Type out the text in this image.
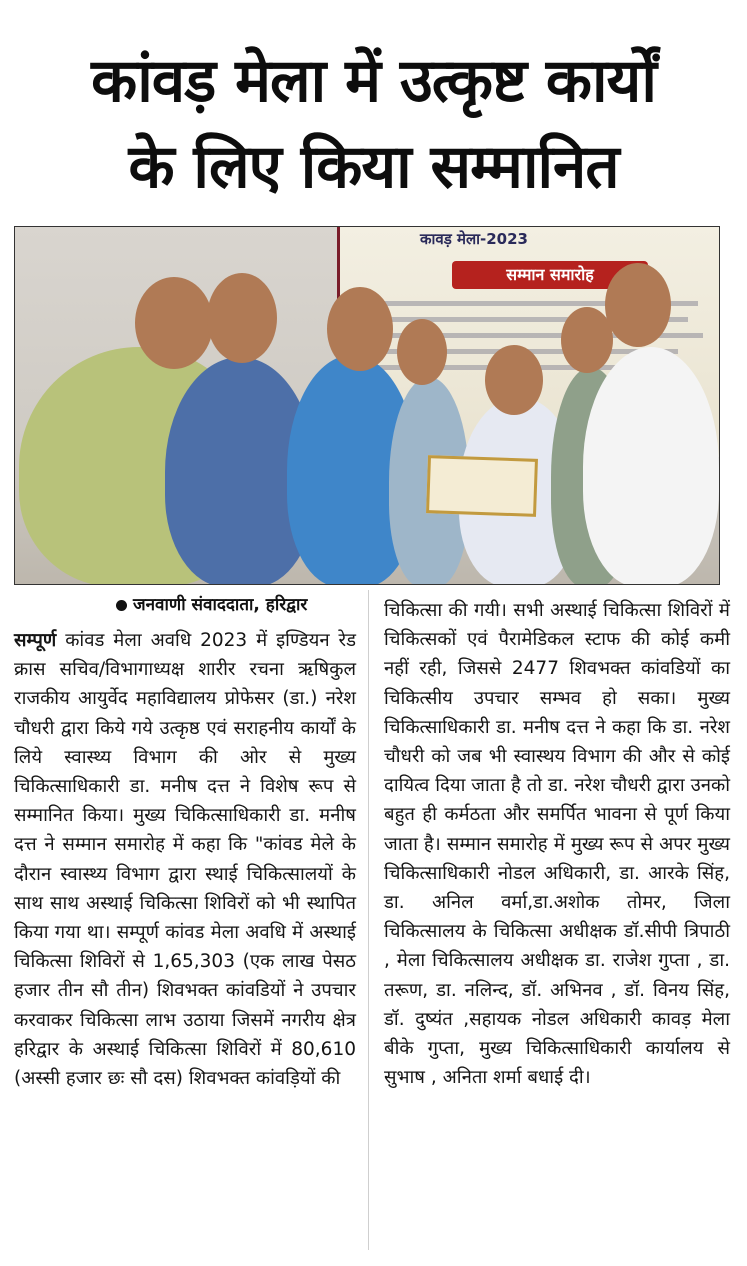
कांवड़ मेला में उत्कृष्ट कार्यों
के लिए किया सम्मानित
कावड़ मेला-2023
सम्मान समारोह
जनवाणी संवाददाता, हरिद्वार
सम्पूर्ण कांवड मेला अवधि 2023 में इण्डियन रेड क्रास सचिव/विभागाध्यक्ष शारीर रचना ऋषिकुल राजकीय आयुर्वेद महाविद्यालय प्रोफेसर (डा.) नरेश चौधरी द्वारा किये गये उत्कृष्ठ एवं सराहनीय कार्यों के लिये स्वास्थ्य विभाग की ओर से मुख्य चिकित्साधिकारी डा. मनीष दत्त ने विशेष रूप से सम्मानित किया। मुख्य चिकित्साधिकारी डा. मनीष दत्त ने सम्मान समारोह में कहा कि "कांवड मेले के दौरान स्वास्थ्य विभाग द्वारा स्थाई चिकित्सालयों के साथ साथ अस्थाई चिकित्सा शिविरों को भी स्थापित किया गया था। सम्पूर्ण कांवड मेला अवधि में अस्थाई चिकित्सा शिविरों से 1,65,303 (एक लाख पेसठ हजार तीन सौ तीन) शिवभक्त कांवडियों ने उपचार करवाकर चिकित्सा लाभ उठाया जिसमें नगरीय क्षेत्र हरिद्वार के अस्थाई चिकित्सा शिविरों में 80,610 (अस्सी हजार छः सौ दस) शिवभक्त कांवड़ियों की
चिकित्सा की गयी। सभी अस्थाई चिकित्सा शिविरों में चिकित्सकों एवं पैरामेडिकल स्टाफ की कोई कमी नहीं रही, जिससे 2477 शिवभक्त कांवडियों का चिकित्सीय उपचार सम्भव हो सका। मुख्य चिकित्साधिकारी डा. मनीष दत्त ने कहा कि डा. नरेश चौधरी को जब भी स्वास्थय विभाग की और से कोई दायित्व दिया जाता है तो डा. नरेश चौधरी द्वारा उनको बहुत ही कर्मठता और समर्पित भावना से पूर्ण किया जाता है। सम्मान समारोह में मुख्य रूप से अपर मुख्य चिकित्साधिकारी नोडल अधिकारी, डा. आरके सिंह, डा. अनिल वर्मा,डा.अशोक तोमर, जिला चिकित्सालय के चिकित्सा अधीक्षक डॉ.सीपी त्रिपाठी , मेला चिकित्सालय अधीक्षक डा. राजेश गुप्ता , डा. तरूण, डा. नलिन्द, डॉ. अभिनव , डॉ. विनय सिंह, डॉ. दुष्यंत ,सहायक नोडल अधिकारी कावड़ मेला बीके गुप्ता, मुख्य चिकित्साधिकारी कार्यालय से सुभाष , अनिता शर्मा बधाई दी।
